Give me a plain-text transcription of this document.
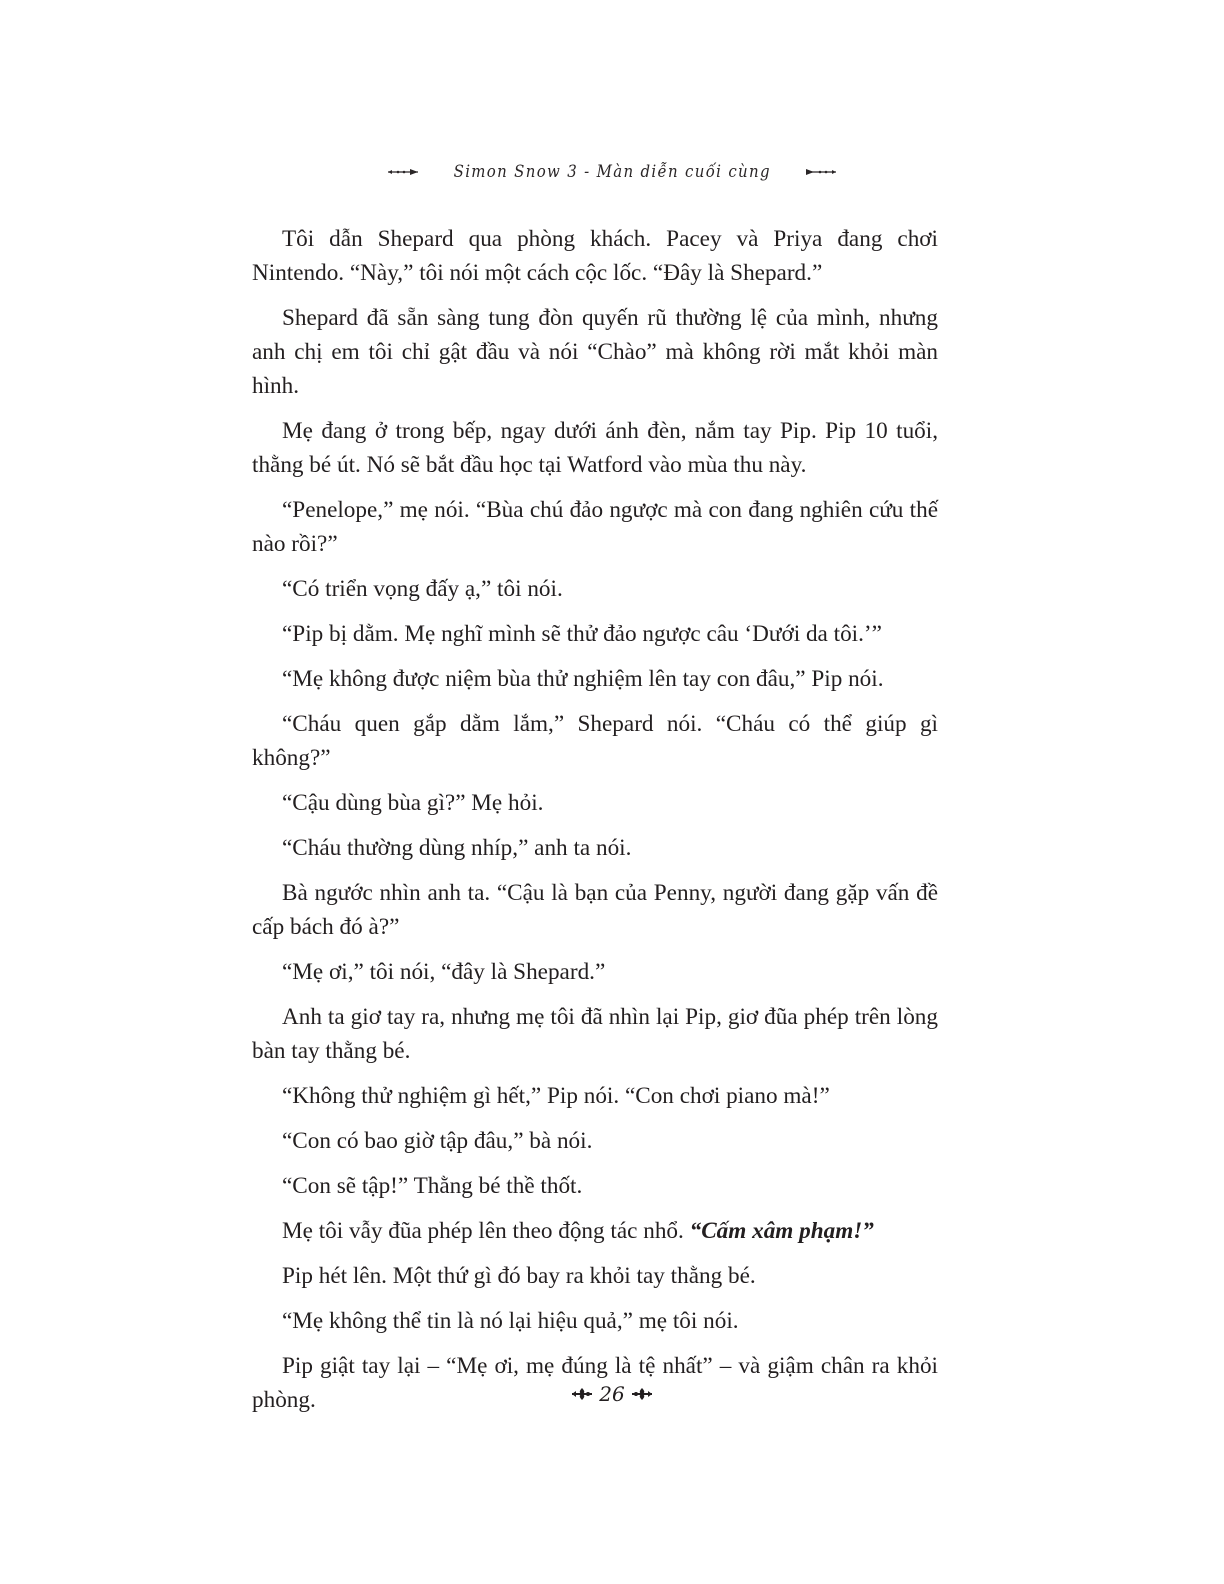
Simon Snow 3 - Màn diễn cuối cùng

Tôi dẫn Shepard qua phòng khách. Pacey và Priya đang chơi Nintendo. “Này,” tôi nói một cách cộc lốc. “Đây là Shepard.”

Shepard đã sẵn sàng tung đòn quyến rũ thường lệ của mình, nhưng anh chị em tôi chỉ gật đầu và nói “Chào” mà không rời mắt khỏi màn hình.

Mẹ đang ở trong bếp, ngay dưới ánh đèn, nắm tay Pip. Pip 10 tuổi, thằng bé út. Nó sẽ bắt đầu học tại Watford vào mùa thu này.

“Penelope,” mẹ nói. “Bùa chú đảo ngược mà con đang nghiên cứu thế nào rồi?”

“Có triển vọng đấy ạ,” tôi nói.

“Pip bị dằm. Mẹ nghĩ mình sẽ thử đảo ngược câu ‘Dưới da tôi.’”

“Mẹ không được niệm bùa thử nghiệm lên tay con đâu,” Pip nói.

“Cháu quen gắp dằm lắm,” Shepard nói. “Cháu có thể giúp gì không?”

“Cậu dùng bùa gì?” Mẹ hỏi.

“Cháu thường dùng nhíp,” anh ta nói.

Bà ngước nhìn anh ta. “Cậu là bạn của Penny, người đang gặp vấn đề cấp bách đó à?”

“Mẹ ơi,” tôi nói, “đây là Shepard.”

Anh ta giơ tay ra, nhưng mẹ tôi đã nhìn lại Pip, giơ đũa phép trên lòng bàn tay thằng bé.

“Không thử nghiệm gì hết,” Pip nói. “Con chơi piano mà!”

“Con có bao giờ tập đâu,” bà nói.

“Con sẽ tập!” Thằng bé thề thốt.

Mẹ tôi vẫy đũa phép lên theo động tác nhổ. “Cấm xâm phạm!”

Pip hét lên. Một thứ gì đó bay ra khỏi tay thằng bé.

“Mẹ không thể tin là nó lại hiệu quả,” mẹ tôi nói.

Pip giật tay lại – “Mẹ ơi, mẹ đúng là tệ nhất” – và giậm chân ra khỏi phòng.	26
